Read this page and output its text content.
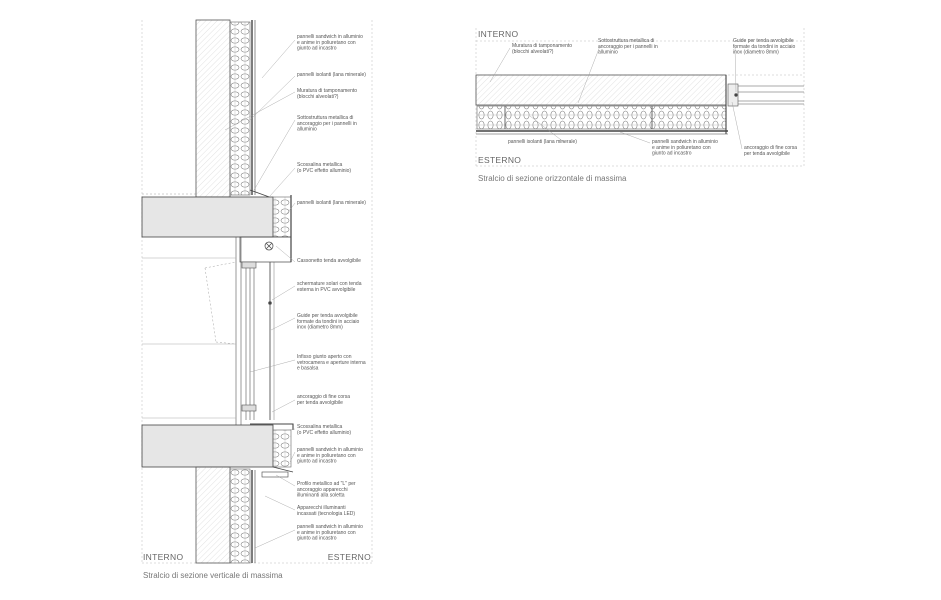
pannelli sandwich in alluminio e anime in poliuretano con giunto ad incastro
pannelli isolanti (lana minerale)
Muratura di tamponamento (blocchi alveolati?)
Sottostruttura metallica di ancoraggio per i pannelli in alluminio
Scossalina metallica (o PVC effetto alluminio)
pannelli isolanti (lana minerale)
Cassonetto tenda avvolgibile
schermature solari con tenda esterna in PVC avvolgibile
Guide per tenda avvolgibile formate da tondini in acciaio inox (diametro 8mm)
Infisso giunto aperto con vetrocamera e aperture interna e basalsa
ancoraggio di fine corsa per tenda avvolgibile
Scossalina metallica (o PVC effetto alluminio)
pannelli sandwich in alluminio e anime in poliuretano con giunto ad incastro
Profilo metallico ad "L" per ancoraggio apparecchi illuminanti alla soletta
Apparecchi illuminanti incassati (tecnologia LED)
pannelli sandwich in alluminio e anime in poliuretano con giunto ad incastro
INTERNO	ESTERNO
Stralcio di sezione verticale di massima
Muratura di tamponamento (blocchi alveolati?)
Sottostruttura metallica di ancoraggio per i pannelli in alluminio
Guide per tenda avvolgibile formate da tondini in acciaio inox (diametro 8mm)
pannelli isolanti (lana minerale)	pannelli sandwich in alluminio e anime in poliuretano con giunto ad incastro
ancoraggio di fine corsa per tenda avvolgibile
INTERNO
ESTERNO
Stralcio di sezione orizzontale di massima
